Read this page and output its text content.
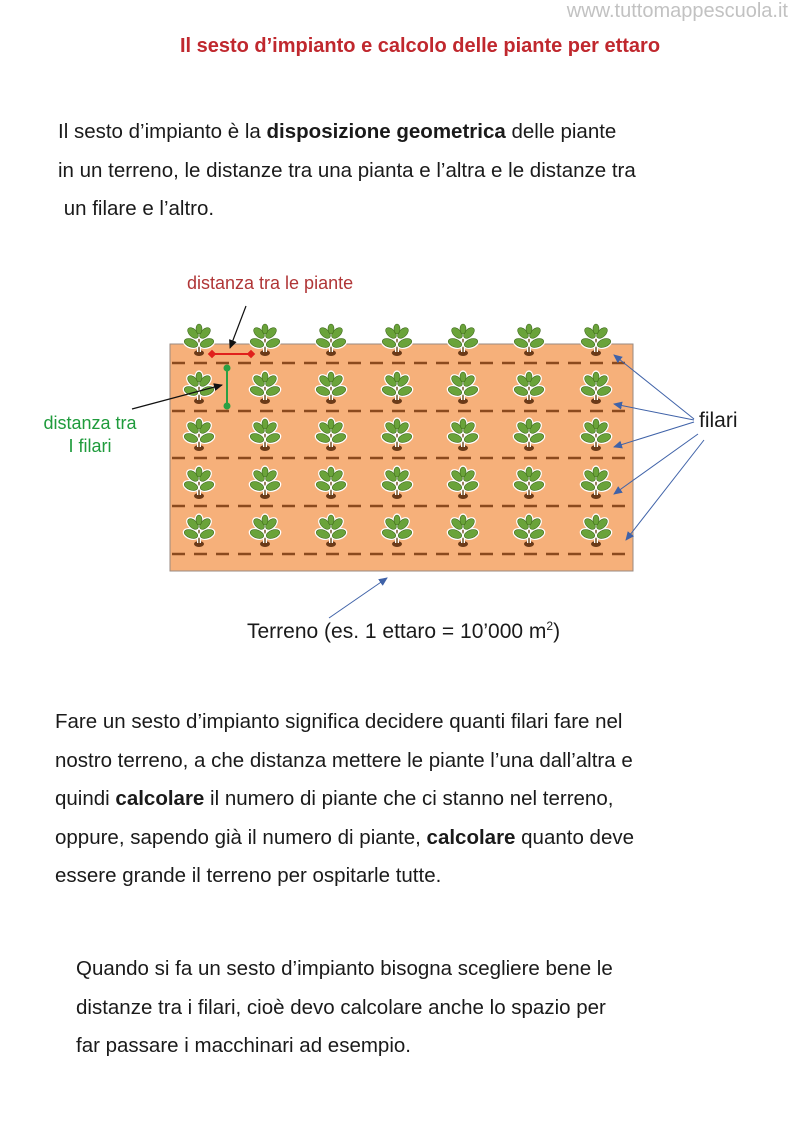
www.tuttomappescuola.it
Il sesto d’impianto e calcolo delle piante per ettaro
Il sesto d’impianto è la disposizione geometrica delle piante
in un terreno, le distanze tra una pianta e l’altra e le distanze tra
un filare e l’altro.
distanza tra le piante
distanza tra
I filari
filari
Terreno (es. 1 ettaro = 10’000 $m^2$)
Fare un sesto d’impianto significa decidere quanti filari fare nel
nostro terreno, a che distanza mettere le piante l’una dall’altra e
quindi calcolare il numero di piante che ci stanno nel terreno,
oppure, sapendo già il numero di piante, calcolare quanto deve
essere grande il terreno per ospitarle tutte.
Quando si fa un sesto d’impianto bisogna scegliere bene le
distanze tra i filari, cioè devo calcolare anche lo spazio per
far passare i macchinari ad esempio.
